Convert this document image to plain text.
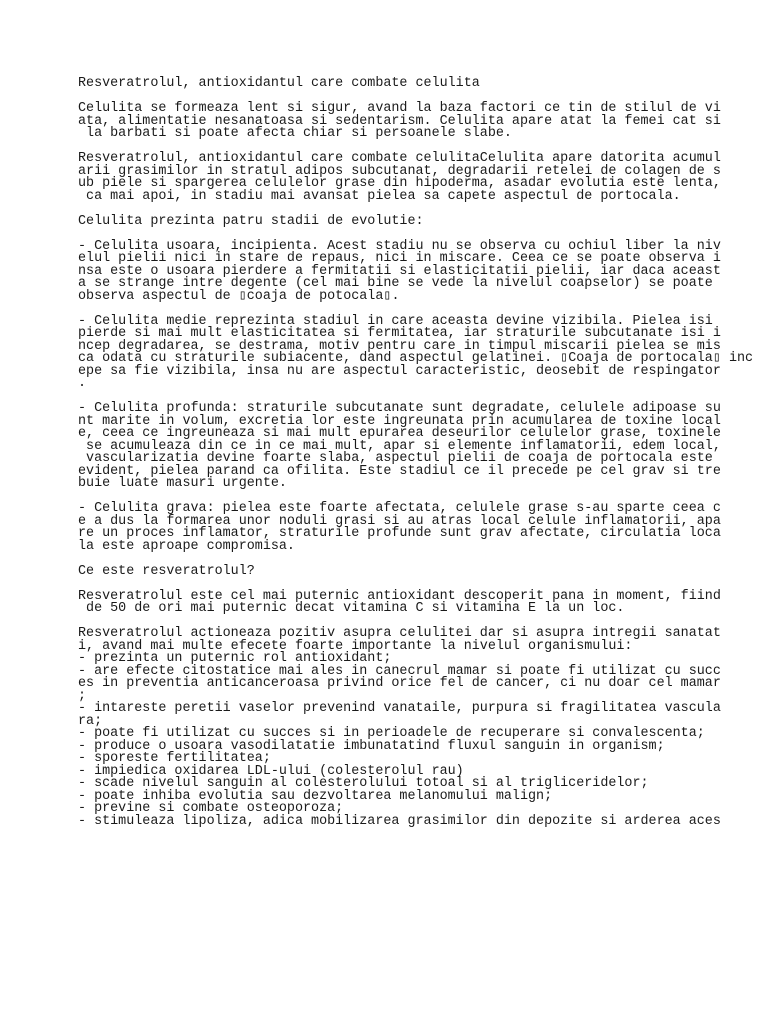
Resveratrolul, antioxidantul care combate celulita
Celulita se formeaza lent si sigur, avand la baza factori ce tin de stilul de vi
ata, alimentatie nesanatoasa si sedentarism. Celulita apare atat la femei cat si
la barbati si poate afecta chiar si persoanele slabe.
Resveratrolul, antioxidantul care combate celulitaCelulita apare datorita acumul
arii grasimilor in stratul adipos subcutanat, degradarii retelei de colagen de s
ub piele si spargerea celulelor grase din hipoderma, asadar evolutia este lenta,
ca mai apoi, in stadiu mai avansat pielea sa capete aspectul de portocala.
Celulita prezinta patru stadii de evolutie:
- Celulita usoara, incipienta. Acest stadiu nu se observa cu ochiul liber la niv
elul pielii nici in stare de repaus, nici in miscare. Ceea ce se poate observa i
nsa este o usoara pierdere a fermitatii si elasticitatii pielii, iar daca aceast
a se strange intre degente (cel mai bine se vede la nivelul coapselor) se poate
observa aspectul de ▯coaja de potocala▯.
- Celulita medie reprezinta stadiul in care aceasta devine vizibila. Pielea isi
pierde si mai mult elasticitatea si fermitatea, iar straturile subcutanate isi i
ncep degradarea, se destrama, motiv pentru care in timpul miscarii pielea se mis
ca odata cu straturile subiacente, dand aspectul gelatinei. ▯Coaja de portocala▯ inc
epe sa fie vizibila, insa nu are aspectul caracteristic, deosebit de respingator
.
- Celulita profunda: straturile subcutanate sunt degradate, celulele adipoase su
nt marite in volum, excretia lor este ingreunata prin acumularea de toxine local
e, ceea ce ingreuneaza si mai mult epurarea deseurilor celulelor grase, toxinele
se acumuleaza din ce in ce mai mult, apar si elemente inflamatorii, edem local,
vascularizatia devine foarte slaba, aspectul pielii de coaja de portocala este
evident, pielea parand ca ofilita. Este stadiul ce il precede pe cel grav si tre
buie luate masuri urgente.
- Celulita grava: pielea este foarte afectata, celulele grase s-au sparte ceea c
e a dus la formarea unor noduli grasi si au atras local celule inflamatorii, apa
re un proces inflamator, straturile profunde sunt grav afectate, circulatia loca
la este aproape compromisa.
Ce este resveratrolul?
Resveratrolul este cel mai puternic antioxidant descoperit pana in moment, fiind
de 50 de ori mai puternic decat vitamina C si vitamina E la un loc.
Resveratrolul actioneaza pozitiv asupra celulitei dar si asupra intregii sanatat
i, avand mai multe efecete foarte importante la nivelul organismului:
- prezinta un puternic rol antioxidant;
- are efecte citostatice mai ales in canecrul mamar si poate fi utilizat cu succ
es in preventia anticanceroasa privind orice fel de cancer, ci nu doar cel mamar
;
- intareste peretii vaselor prevenind vanataile, purpura si fragilitatea vascula
ra;
- poate fi utilizat cu succes si in perioadele de recuperare si convalescenta;
- produce o usoara vasodilatatie imbunatatind fluxul sanguin in organism;
- sporeste fertilitatea;
- impiedica oxidarea LDL-ului (colesterolul rau)
- scade nivelul sanguin al colesterolului totoal si al trigliceridelor;
- poate inhiba evolutia sau dezvoltarea melanomului malign;
- previne si combate osteoporoza;
- stimuleaza lipoliza, adica mobilizarea grasimilor din depozite si arderea aces
